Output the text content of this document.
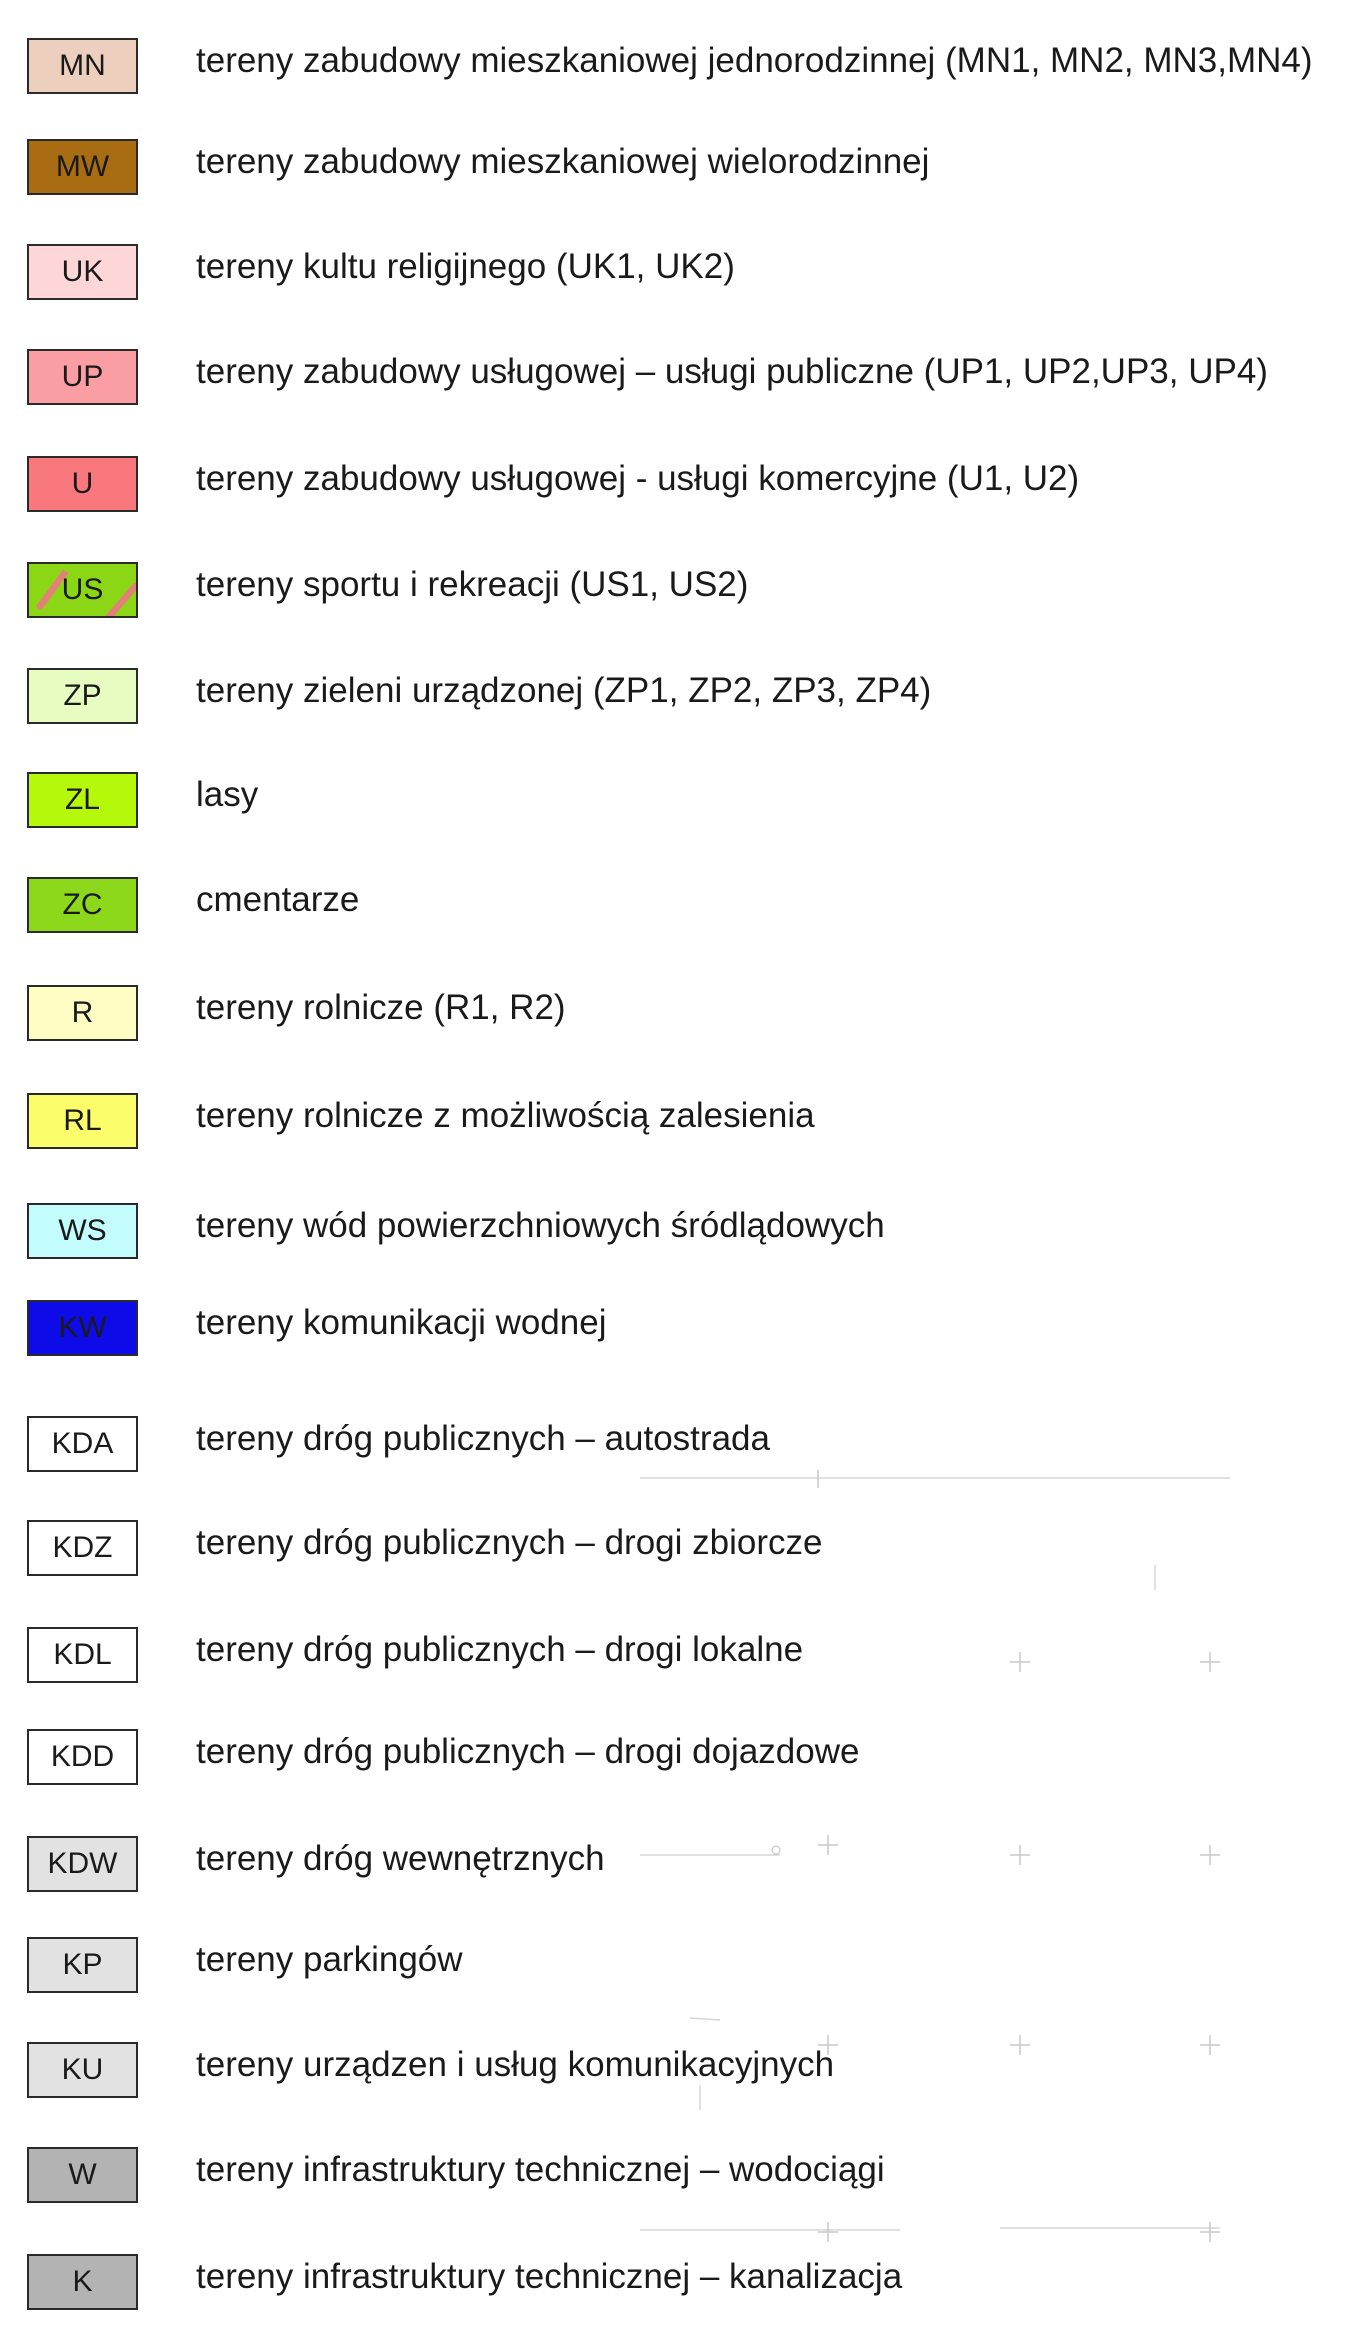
MN	tereny zabudowy mieszkaniowej jednorodzinnej (MN1, MN2, MN3,MN4)
MW tereny zabudowy mieszkaniowej wielorodzinnej
UK	tereny kultu religijnego (UK1, UK2)
UP	tereny zabudowy usługowej – usługi publiczne (UP1, UP2,UP3, UP4)
U	tereny zabudowy usługowej - usługi komercyjne (U1, U2)
US	tereny sportu i rekreacji (US1, US2)
ZP	tereny zieleni urządzonej (ZP1, ZP2, ZP3, ZP4)
ZL	lasy
ZC	cmentarze
R	tereny rolnicze (R1, R2)
RL	tereny rolnicze z możliwością zalesienia
WS	tereny wód powierzchniowych śródlądowych
KW	tereny komunikacji wodnej
KDA tereny dróg publicznych – autostrada
KDZ tereny dróg publicznych – drogi zbiorcze
KDL tereny dróg publicznych – drogi lokalne
KDD tereny dróg publicznych – drogi dojazdowe
KDW tereny dróg wewnętrznych
KP	tereny parkingów
KU	tereny urządzen i usług komunikacyjnych
W	tereny infrastruktury technicznej – wodociągi
K	tereny infrastruktury technicznej – kanalizacja
